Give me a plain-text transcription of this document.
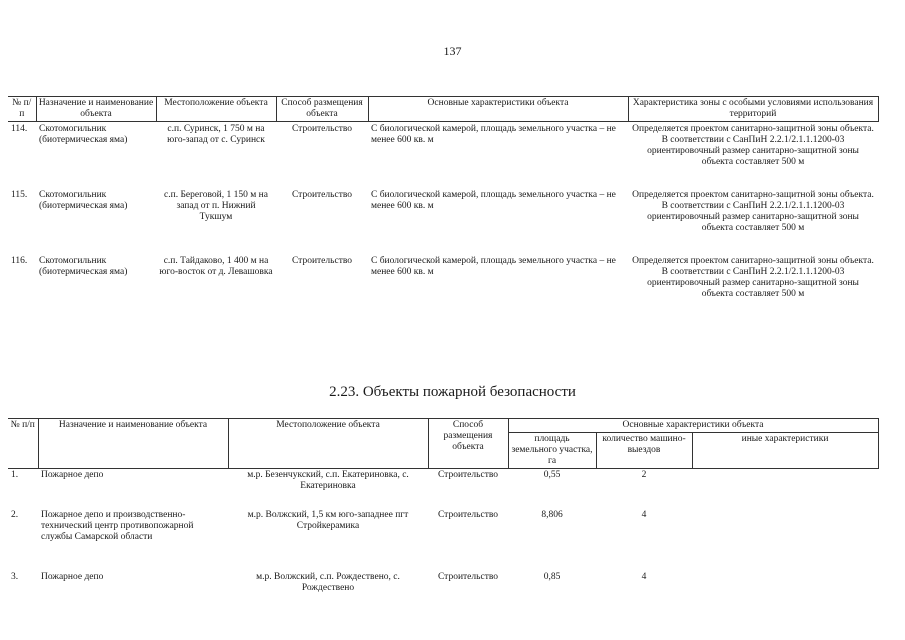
137
№ п/п	Назначение и наименование объекта	Местоположение объекта	Способ размещения объекта	Основные характеристики объекта	Характеристика зоны с особыми условиями использования территорий
114.	Скотомогильник (биотермическая яма)	с.п. Суринск, 1 750 м на юго-запад от с. Суринск	Строительство	С биологической камерой, площадь земельного участка – не менее 600 кв. м	Определяется проектом санитарно-защитной зоны объекта. В соответствии с СанПиН 2.2.1/2.1.1.1200-03 ориентировочный размер санитарно-защитной зоны объекта составляет 500 м
115.	Скотомогильник (биотермическая яма)	с.п. Береговой, 1 150 м на запад от п. Нижний Тукшум	Строительство	С биологической камерой, площадь земельного участка – не менее 600 кв. м	Определяется проектом санитарно-защитной зоны объекта. В соответствии с СанПиН 2.2.1/2.1.1.1200-03 ориентировочный размер санитарно-защитной зоны объекта составляет 500 м
116.	Скотомогильник (биотермическая яма)	с.п. Тайдаково, 1 400 м на юго-восток от д. Левашовка	Строительство	С биологической камерой, площадь земельного участка – не менее 600 кв. м	Определяется проектом санитарно-защитной зоны объекта. В соответствии с СанПиН 2.2.1/2.1.1.1200-03 ориентировочный размер санитарно-защитной зоны объекта составляет 500 м
2.23. Объекты пожарной безопасности
№ п/п	Назначение и наименование объекта	Местоположение объекта	Способ размещения объекта	Основные характеристики объекта		
				площадь земельного участка, га	количество машино-выездов	иные характеристики
1.	Пожарное депо	м.р. Безенчукский, с.п. Екатериновка, с. Екатериновка	Строительство	0,55	2	
2.	Пожарное депо и производственно-технический центр противопожарной службы Самарской области	м.р. Волжский, 1,5 км юго-западнее пгт Стройкерамика	Строительство	8,806	4	
3.	Пожарное депо	м.р. Волжский, с.п. Рождествено, с. Рождествено	Строительство	0,85	4	
